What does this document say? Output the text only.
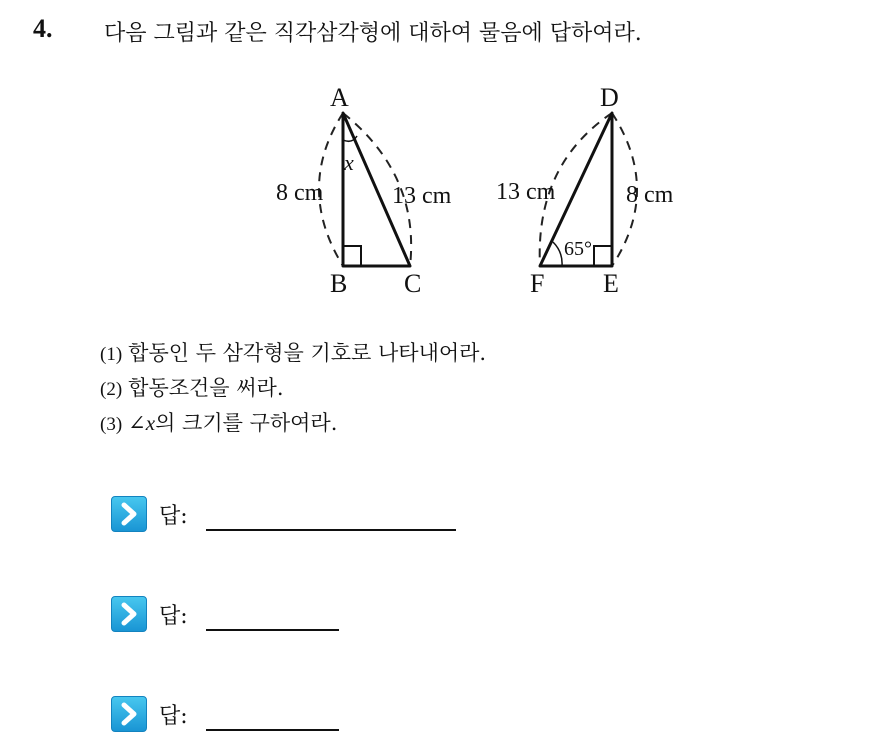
4. 다음 그림과 같은 직각삼각형에 대하여 물음에 답하여라.
A
B C
8 cm	13 cm
x
D
E
F
13 cm	8 cm
65°
(1) 합동인 두 삼각형을 기호로 나타내어라.
(2) 합동조건을 써라.
(3) ∠x의 크기를 구하여라.
답:
답:
답:
